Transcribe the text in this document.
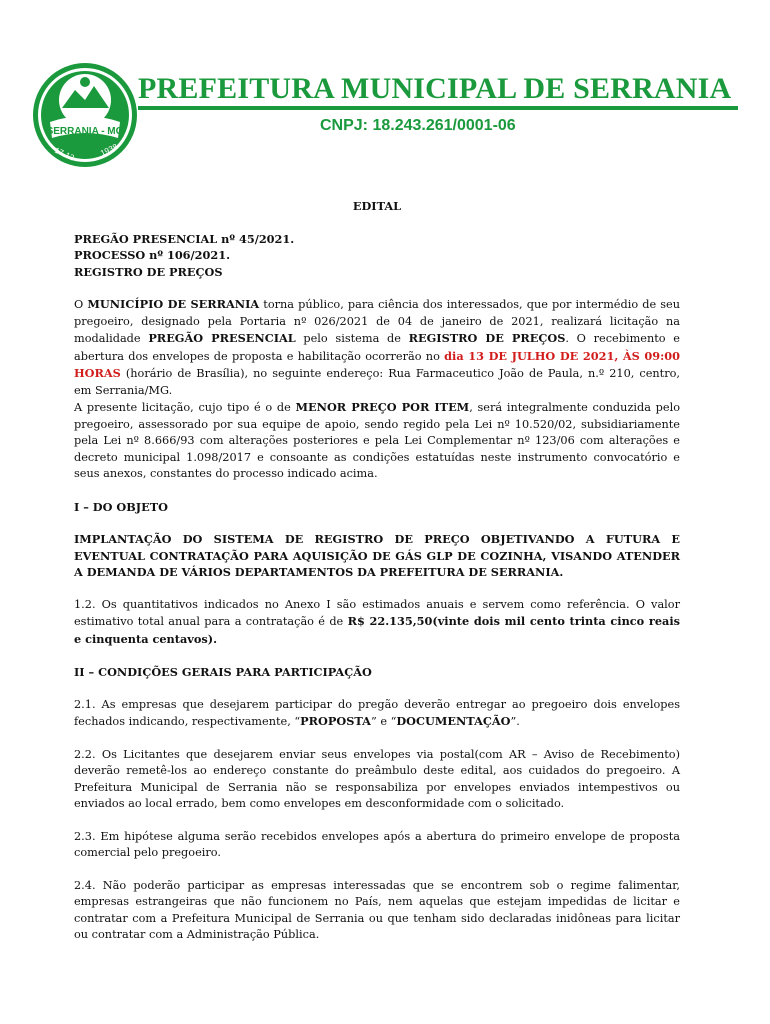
SERRANIA - MG
17-12	1938
PREFEITURA MUNICIPAL DE SERRANIA
CNPJ: 18.243.261/0001-06

EDITAL

PREGÃO PRESENCIAL nº 45/2021.

PROCESSO nº 106/2021.

REGISTRO DE PREÇOS

O MUNICÍPIO DE SERRANIA torna público, para ciência dos interessados, que por intermédio de seu pregoeiro, designado pela Portaria nº 026/2021 de 04 de janeiro de 2021, realizará licitação na modalidade PREGÃO PRESENCIAL pelo sistema de REGISTRO DE PREÇOS. O recebimento e abertura dos envelopes de proposta e habilitação ocorrerão no dia 13 DE JULHO DE 2021, ÀS 09:00 HORAS (horário de Brasília), no seguinte endereço: Rua Farmaceutico João de Paula, n.º 210, centro, em Serrania/MG.

A presente licitação, cujo tipo é o de MENOR PREÇO POR ITEM, será integralmente conduzida pelo pregoeiro, assessorado por sua equipe de apoio, sendo regido pela Lei nº 10.520/02, subsidiariamente pela Lei nº 8.666/93 com alterações posteriores e pela Lei Complementar nº 123/06 com alterações e decreto municipal 1.098/2017 e consoante as condições estatuídas neste instrumento convocatório e seus anexos, constantes do processo indicado acima.

I – DO OBJETO

IMPLANTAÇÃO DO SISTEMA DE REGISTRO DE PREÇO OBJETIVANDO A FUTURA E EVENTUAL CONTRATAÇÃO PARA AQUISIÇÃO DE GÁS GLP DE COZINHA, VISANDO ATENDER A DEMANDA DE VÁRIOS DEPARTAMENTOS DA PREFEITURA DE SERRANIA.

1.2. Os quantitativos indicados no Anexo I são estimados anuais e servem como referência. O valor estimativo total anual para a contratação é de R$ 22.135,50(vinte dois mil cento trinta cinco reais e cinquenta centavos).

II – CONDIÇÕES GERAIS PARA PARTICIPAÇÃO

2.1. As empresas que desejarem participar do pregão deverão entregar ao pregoeiro dois envelopes fechados indicando, respectivamente, “PROPOSTA” e “DOCUMENTAÇÃO”.

2.2. Os Licitantes que desejarem enviar seus envelopes via postal(com AR – Aviso de Recebimento) deverão remetê-los ao endereço constante do preâmbulo deste edital, aos cuidados do pregoeiro. A Prefeitura Municipal de Serrania não se responsabiliza por envelopes enviados intempestivos ou enviados ao local errado, bem como envelopes em desconformidade com o solicitado.

2.3. Em hipótese alguma serão recebidos envelopes após a abertura do primeiro envelope de proposta comercial pelo pregoeiro.

2.4. Não poderão participar as empresas interessadas que se encontrem sob o regime falimentar, empresas estrangeiras que não funcionem no País, nem aquelas que estejam impedidas de licitar e contratar com a Prefeitura Municipal de Serrania ou que tenham sido declaradas inidôneas para licitar ou contratar com a Administração Pública.
